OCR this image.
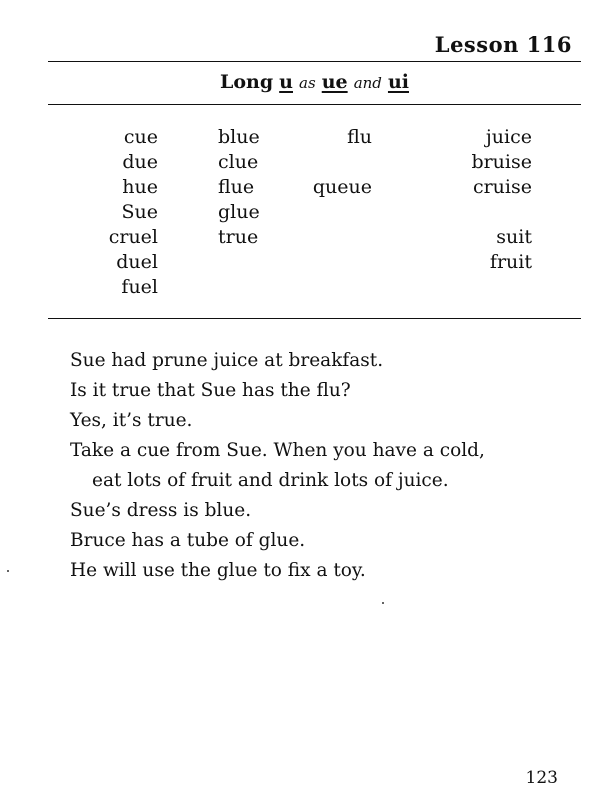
Lesson 116
Long u as ue and ui
cue
due
hue
Sue
cruel
duel
fuel
blue
clue
flue
glue
true
flu

queue
juice
bruise
cruise

suit
fruit
Sue had prune juice at breakfast.
Is it true that Sue has the flu?
Yes, it’s true.
Take a cue from Sue. When you have a cold,
eat lots of fruit and drink lots of juice.
Sue’s dress is blue.
Bruce has a tube of glue.
He will use the glue to fix a toy.
123
